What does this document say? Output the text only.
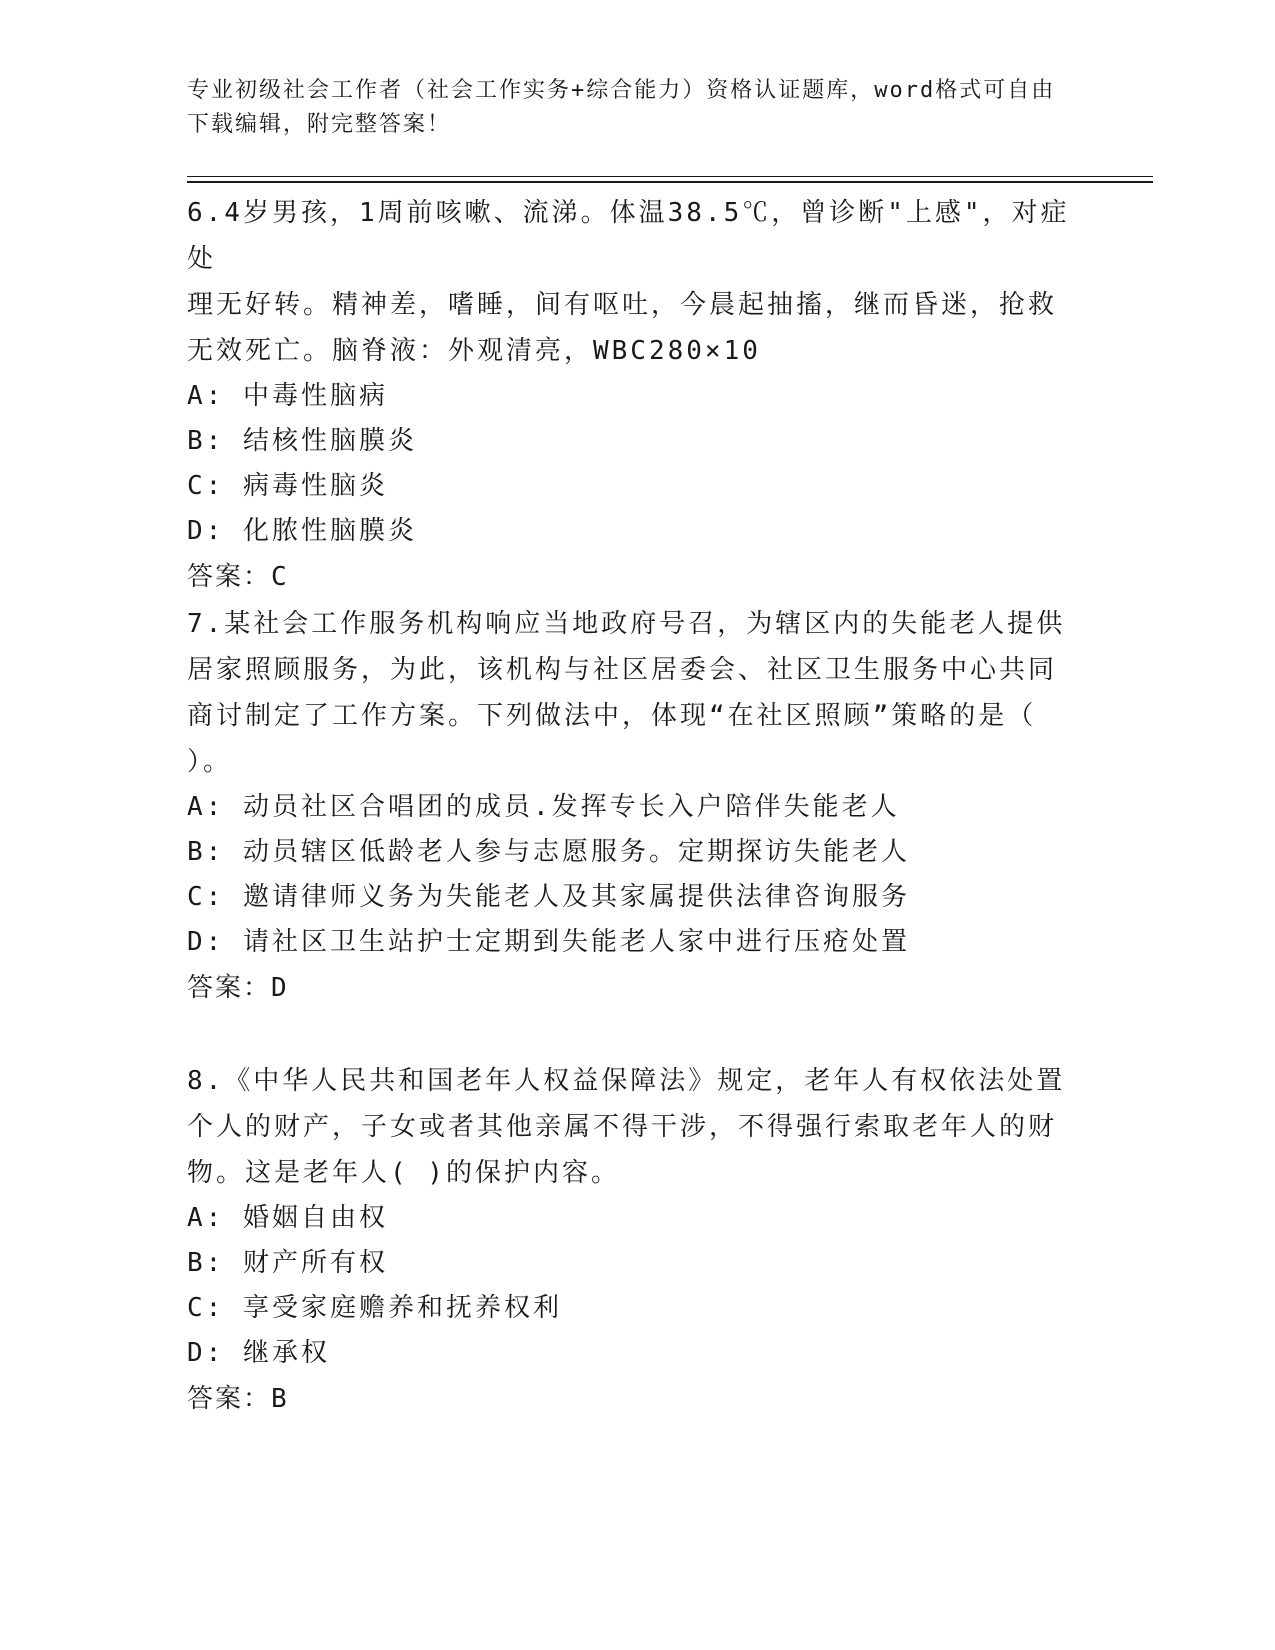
专业初级社会工作者（社会工作实务+综合能力）资格认证题库，word格式可自由
下载编辑，附完整答案！
6.4岁男孩，1周前咳嗽、流涕。体温38.5℃，曾诊断"上感"，对症处
理无好转。精神差，嗜睡，间有呕吐，今晨起抽搐，继而昏迷，抢救
无效死亡。脑脊液：外观清亮，WBC280×10
A: 中毒性脑病
B: 结核性脑膜炎
C: 病毒性脑炎
D: 化脓性脑膜炎
答案：C
7.某社会工作服务机构响应当地政府号召，为辖区内的失能老人提供
居家照顾服务，为此，该机构与社区居委会、社区卫生服务中心共同
商讨制定了工作方案。下列做法中，体现“在社区照顾”策略的是（
）。
A: 动员社区合唱团的成员.发挥专长入户陪伴失能老人
B: 动员辖区低龄老人参与志愿服务。定期探访失能老人
C: 邀请律师义务为失能老人及其家属提供法律咨询服务
D: 请社区卫生站护士定期到失能老人家中进行压疮处置
答案：D
8.《中华人民共和国老年人权益保障法》规定，老年人有权依法处置
个人的财产，子女或者其他亲属不得干涉，不得强行索取老年人的财
物。这是老年人( )的保护内容。
A: 婚姻自由权
B: 财产所有权
C: 享受家庭赡养和抚养权利
D: 继承权
答案：B
